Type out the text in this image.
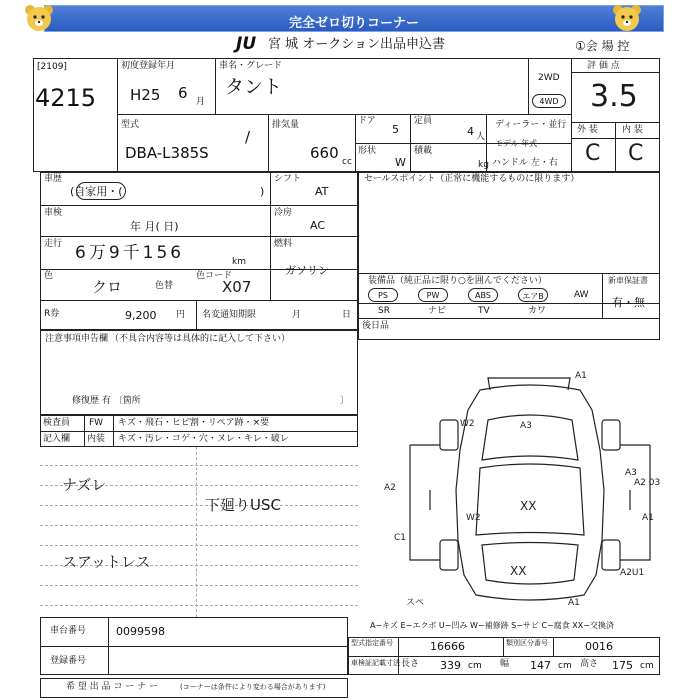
完全ゼロ切りコーナー
JU 宮 城 オークション出品申込書	①会 場 控
[2109]
4215
初度登録年月
H25 6 月
車名・グレード
タント	2WD
4WD
評 価 点
3.5
外 装	内 装
C C
型式
DBA-L385S
/
排気量
660 cc
ドア
5
定員
4 人
ディーラー・並行
モデル 年式
形状
W
積載
kg ハンドル 左・右
車歴
(自家用・(	)
シフト
AT
車検
年 月( 日)
冷房
AC
走行 6万9千156	km
燃料
ガソリン
色
クロ	色替
色コード
X07
R券	9,200 円 名変通知期限	月	日
セールスポイント（正常に機能するものに限ります）
装備品（純正品に限り○を囲んでください）	新車保証書
有・無
PS	PW	ABS	エアB	AW
SR	ナビ	TV	カワ
後日品
注意事項申告欄 （不具合内容等は具体的に記入して下さい）
修復歴 有 〔箇所	〕
検査員 FW キズ・飛石・ヒビ割・リペア跡・×要
記入欄 内装 キズ・汚レ・コゲ・穴・ヌレ・キレ・破レ
ナズレ
下廻りUSC
スアットレス
A1
A3
W2
W2
A2
A3
A2 03
A1
C1
A2U1
A1
スペ
XX
XX
車台番号	0099598
登録番号
A−キズ E−エクボ U−凹み W−補修跡 S−サビ C−腐食 XX−交換済
型式指定番号	16666	類別区分番号	0016
車検証記載寸法 長さ 339 cm 幅 147 cm 高さ 175 cm
希 望 出 品 コ ー ナ ー	(コーナーは条件により変わる場合があります)
